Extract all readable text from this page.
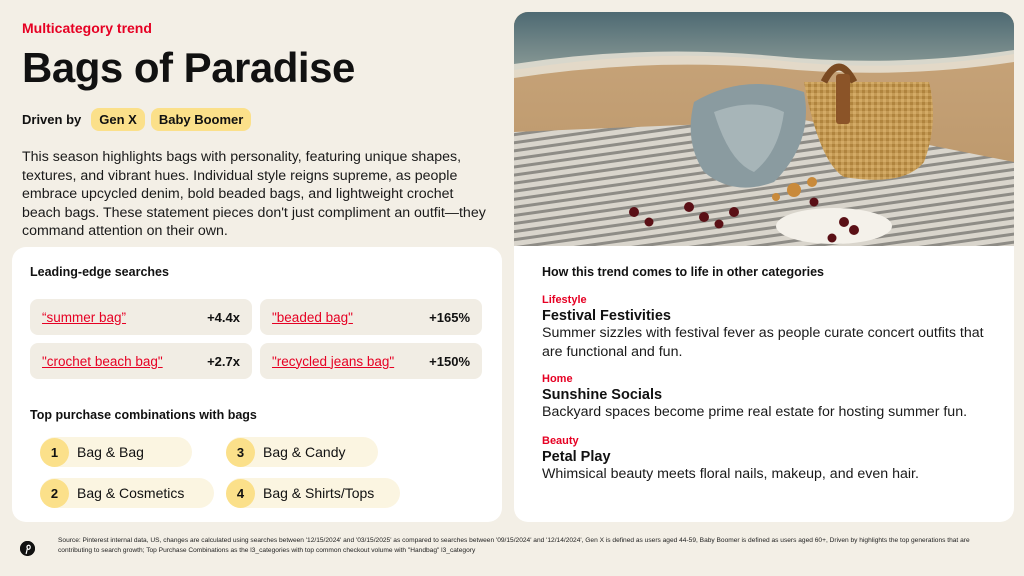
Multicategory trend
Bags of Paradise
Driven by	Gen X	Baby Boomer

This season highlights bags with personality, featuring unique shapes, textures, and vibrant hues. Individual style reigns supreme, as people embrace upcycled denim, bold beaded bags, and lightweight crochet beach bags. These statement pieces don't just compliment an outfit—they command attention on their own.

Leading-edge searches
“summer bag”	+4.4x "beaded bag"	+165%
"crochet beach bag"	+2.7x "recycled jeans bag"	+150%
Top purchase combinations with bags
1	Bag & Bag	3	Bag & Candy
2	Bag & Cosmetics	4	Bag & Shirts/Tops
How this trend comes to life in other categories
Lifestyle
Festival Festivities
Summer sizzles with festival fever as people curate concert outfits that are functional and fun.
Home
Sunshine Socials
Backyard spaces become prime real estate for hosting summer fun.
Beauty
Petal Play
Whimsical beauty meets floral nails, makeup, and even hair.

Source: Pinterest internal data, US, changes are calculated using searches between '12/15/2024' and '03/15/2025' as compared to searches between '09/15/2024' and '12/14/2024', Gen X is defined as users aged 44-59, Baby Boomer is defined as users aged 60+, Driven by highlights the top generations that are contributing to search growth; Top Purchase Combinations as the l3_categories with top common checkout volume with "Handbag" l3_category
